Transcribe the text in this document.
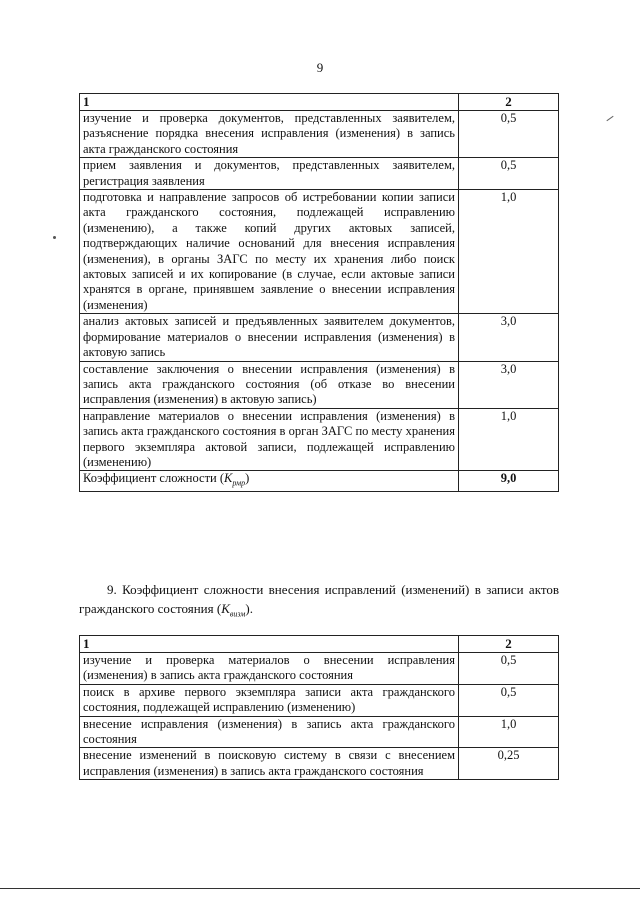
9
1	2
изучение и проверка документов, представленных заявителем, разъяснение порядка внесения исправления (изменения) в запись акта гражданского состояния	0,5
прием заявления и документов, представленных заявителем, регистрация заявления	0,5
подготовка и направление запросов об истребовании копии записи акта гражданского состояния, подлежащей исправлению (изменению), а также копий других актовых записей, подтверждающих наличие оснований для внесения исправления (изменения), в органы ЗАГС по месту их хранения либо поиск актовых записей и их копирование (в случае, если актовые записи хранятся в органе, принявшем заявление о внесении исправления (изменения)	1,0
анализ актовых записей и предъявленных заявителем документов, формирование материалов о внесении исправления (изменения) в актовую запись	3,0
составление заключения о внесении исправления (изменения) в запись акта гражданского состояния (об отказе во внесении исправления (изменения) в актовую запись)	3,0
направление материалов о внесении исправления (изменения) в запись акта гражданского состояния в орган ЗАГС по месту хранения первого экземпляра актовой записи, подлежащей исправлению (изменению)	1,0
Коэффициент сложности $(K_{рмр})$	9,0
9. Коэффициент сложности внесения исправлений (изменений) в записи актов гражданского состояния $(K_{визм})$.
1	2
изучение и проверка материалов о внесении исправления (изменения) в запись акта гражданского состояния	0,5
поиск в архиве первого экземпляра записи акта гражданского состояния, подлежащей исправлению (изменению)	0,5
внесение исправления (изменения) в запись акта гражданского состояния	1,0
внесение изменений в поисковую систему в связи с внесением исправления (изменения) в запись акта гражданского состояния	0,25
